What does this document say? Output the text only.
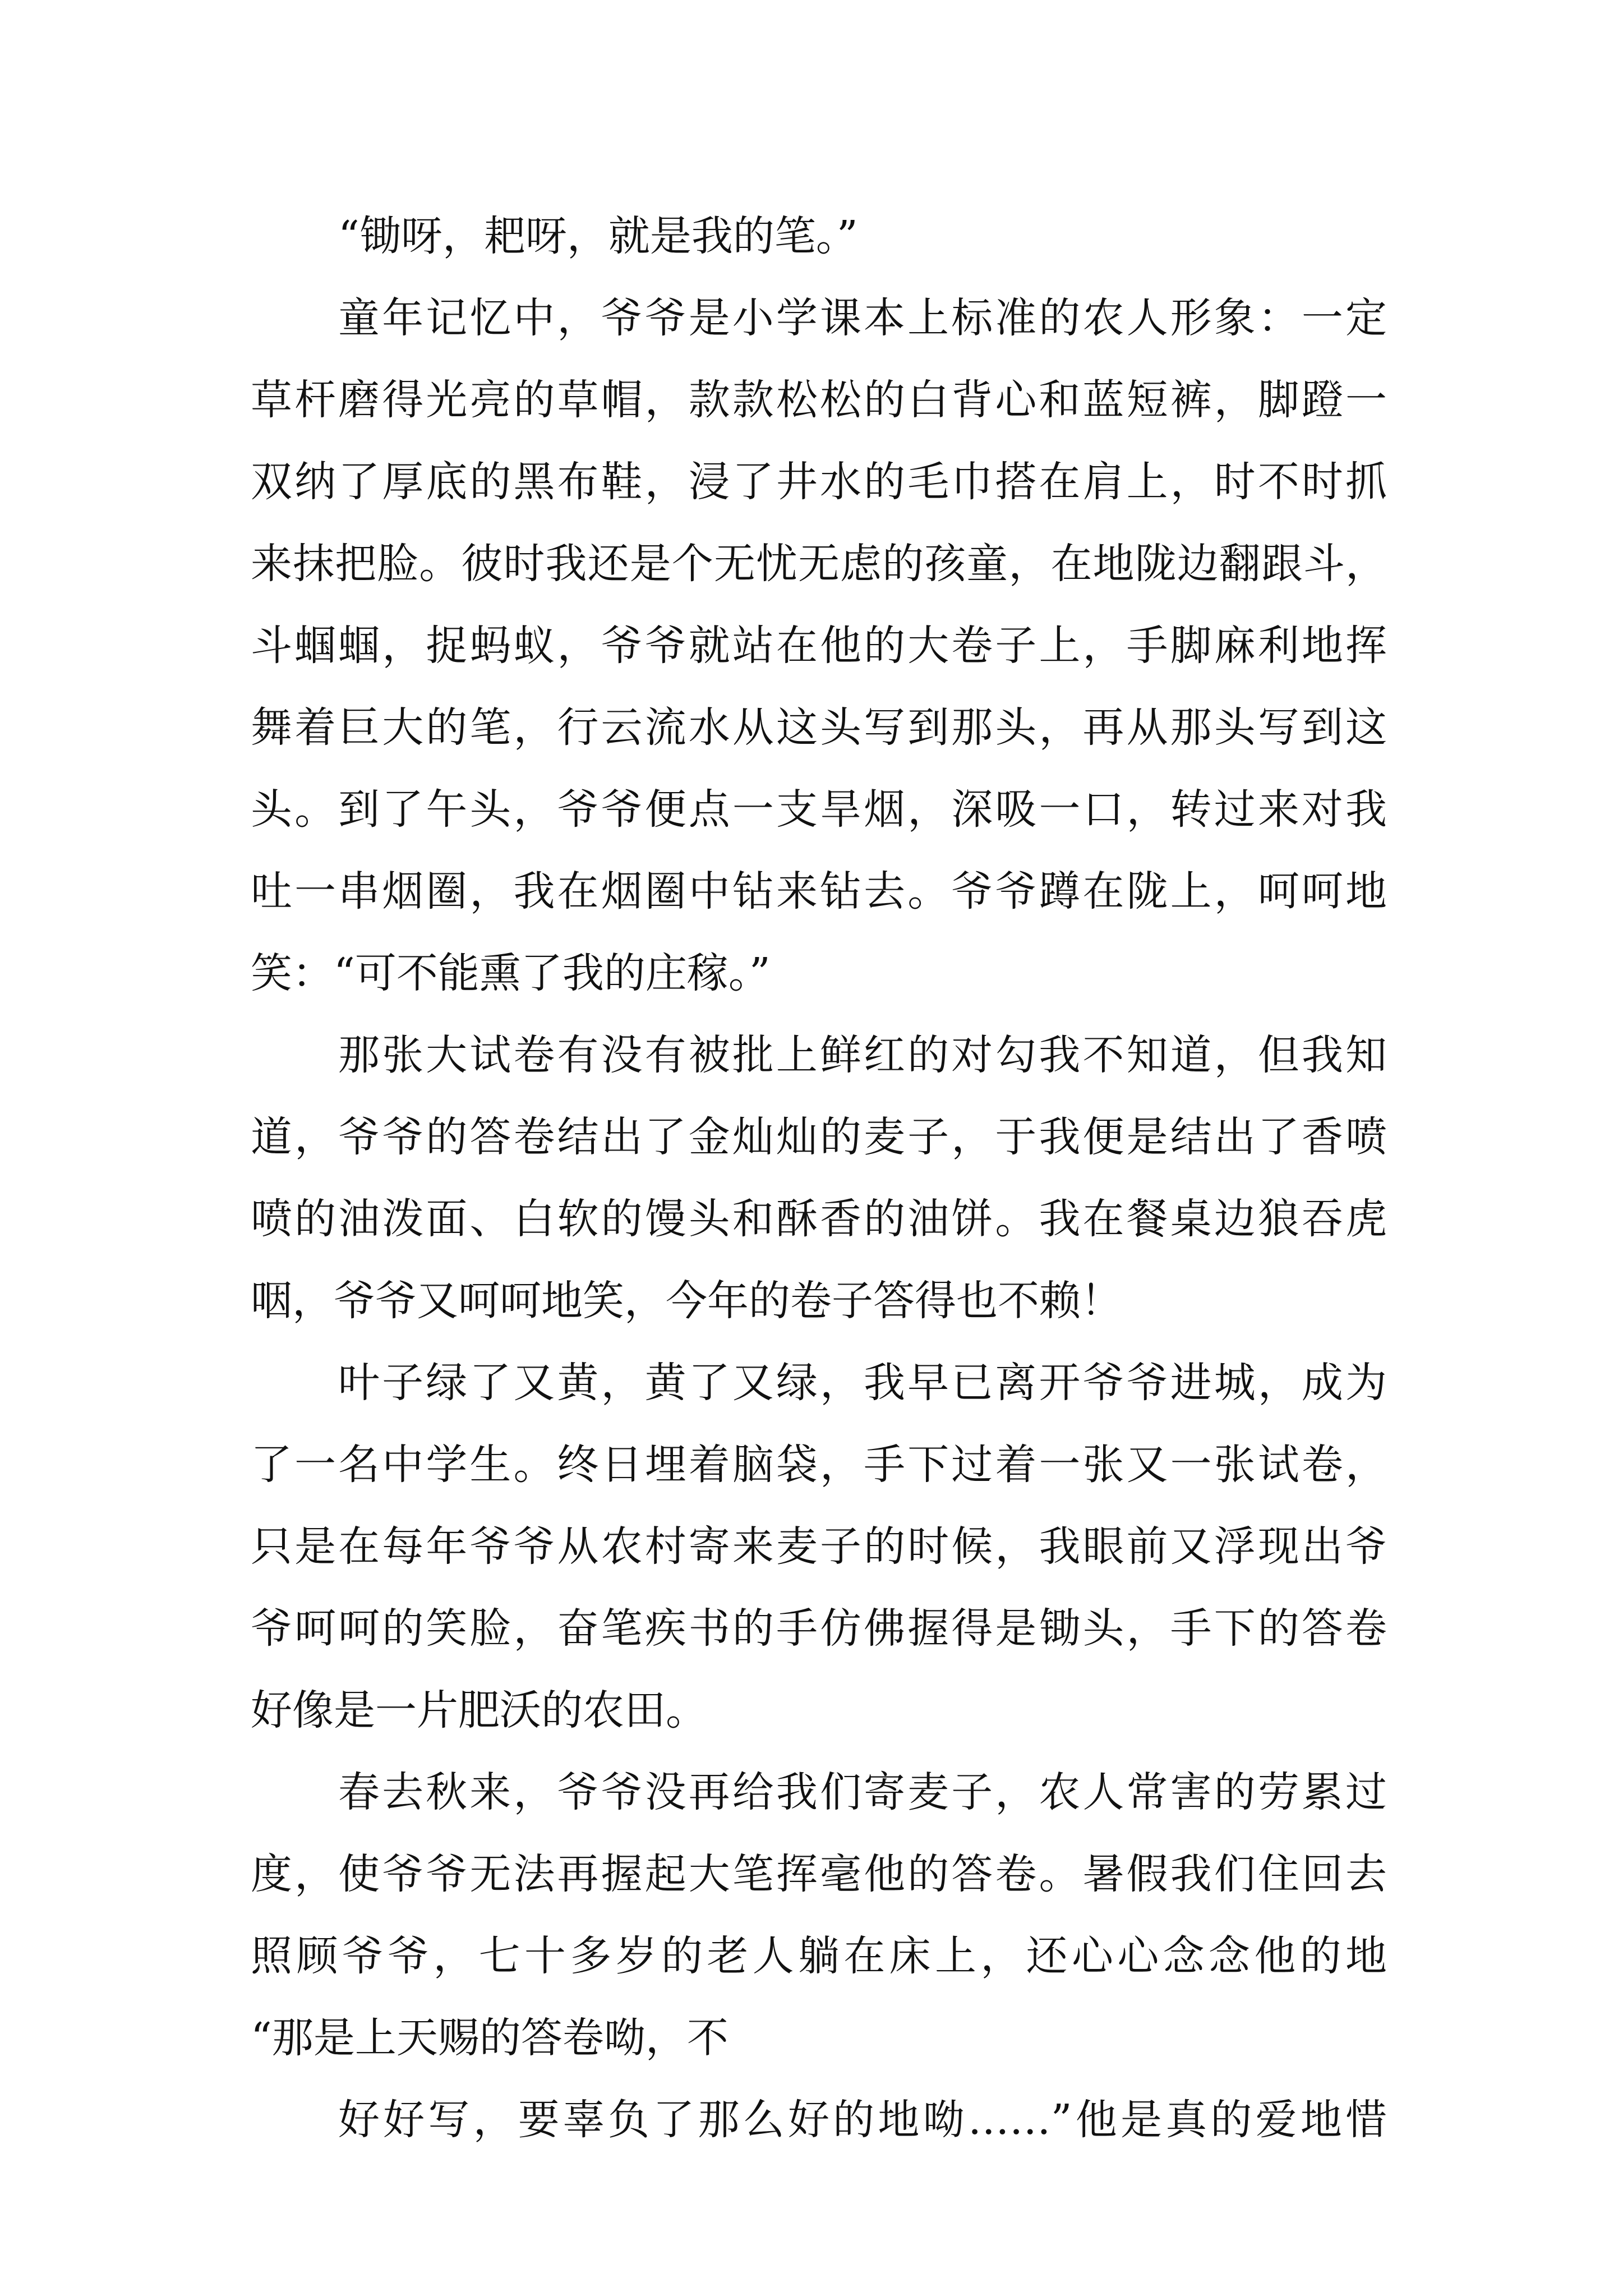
“锄呀，耙呀，就是我的笔。”
童年记忆中，爷爷是小学课本上标准的农人形象：一定
草杆磨得光亮的草帽，款款松松的白背心和蓝短裤，脚蹬一
双纳了厚底的黑布鞋，浸了井水的毛巾搭在肩上，时不时抓
来抹把脸。彼时我还是个无忧无虑的孩童，在地陇边翻跟斗，
斗蝈蝈，捉蚂蚁，爷爷就站在他的大卷子上，手脚麻利地挥
舞着巨大的笔，行云流水从这头写到那头，再从那头写到这
头。到了午头，爷爷便点一支旱烟，深吸一口，转过来对我
吐一串烟圈，我在烟圈中钻来钻去。爷爷蹲在陇上，呵呵地
笑：“可不能熏了我的庄稼。”
那张大试卷有没有被批上鲜红的对勾我不知道，但我知
道，爷爷的答卷结出了金灿灿的麦子，于我便是结出了香喷
喷的油泼面、白软的馒头和酥香的油饼。我在餐桌边狼吞虎
咽，爷爷又呵呵地笑，今年的卷子答得也不赖！
叶子绿了又黄，黄了又绿，我早已离开爷爷进城，成为
了一名中学生。终日埋着脑袋，手下过着一张又一张试卷，
只是在每年爷爷从农村寄来麦子的时候，我眼前又浮现出爷
爷呵呵的笑脸，奋笔疾书的手仿佛握得是锄头，手下的答卷
好像是一片肥沃的农田。
春去秋来，爷爷没再给我们寄麦子，农人常害的劳累过
度，使爷爷无法再握起大笔挥毫他的答卷。暑假我们住回去
照顾爷爷，七十多岁的老人躺在床上，还心心念念他的地
“那是上天赐的答卷呦，不
好好写，要辜负了那么好的地呦……”他是真的爱地惜
